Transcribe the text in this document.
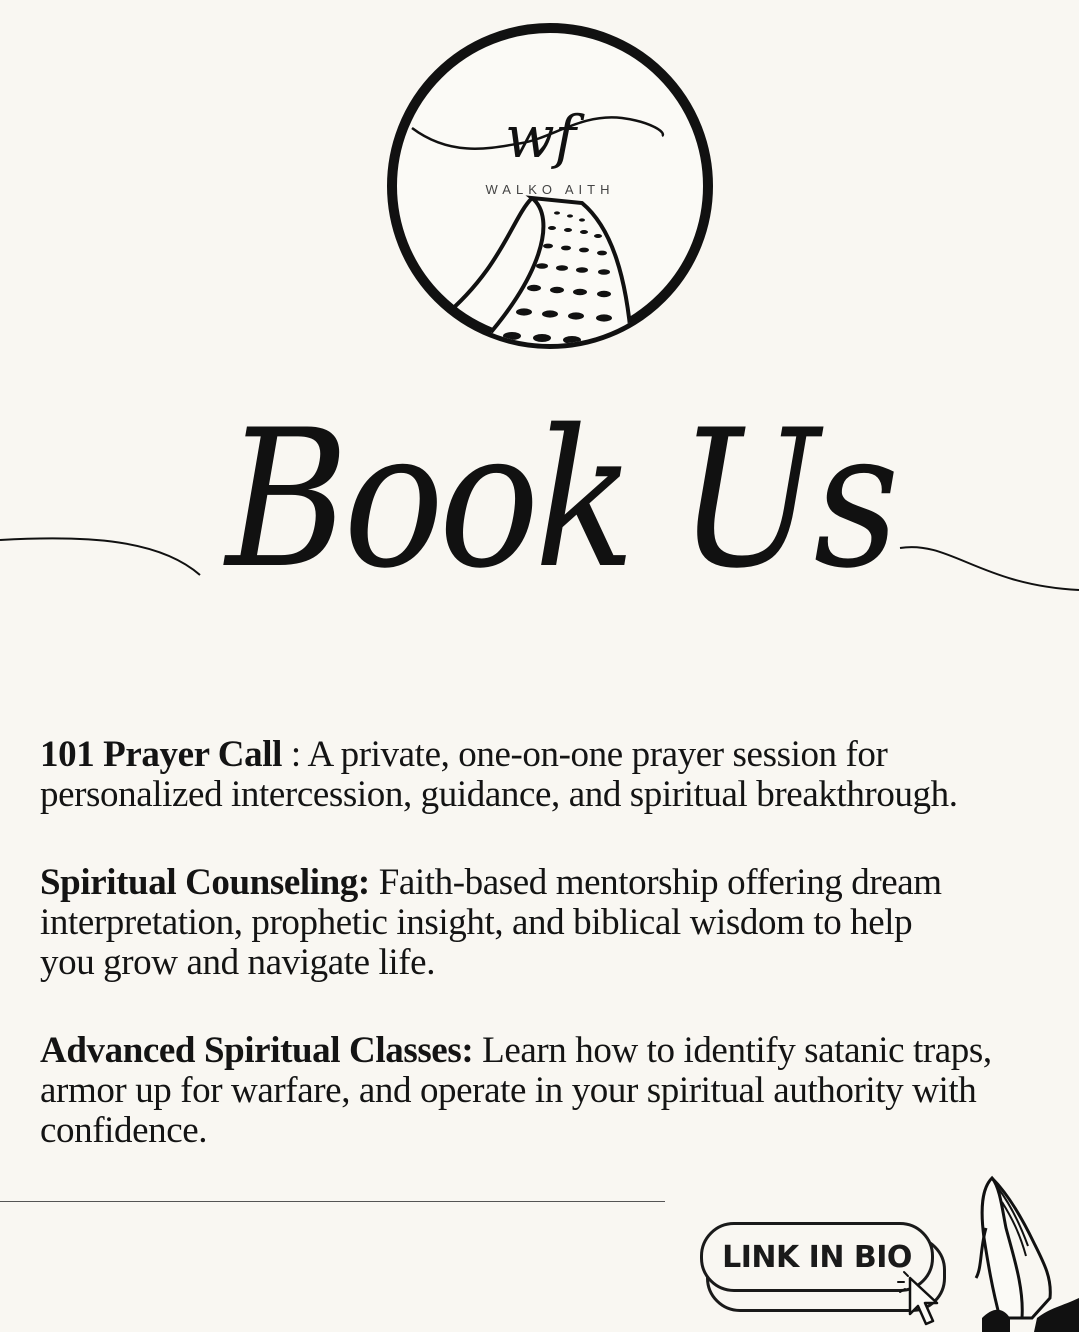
WALKO AITH
wf
Book Us

101 Prayer Call : A private, one-on-one prayer session for personalized intercession, guidance, and spiritual breakthrough.

Spiritual Counseling: Faith-based mentorship offering dream interpretation, prophetic insight, and biblical wisdom to help you grow and navigate life.

Advanced Spiritual Classes: Learn how to identify satanic traps, armor up for warfare, and operate in your spiritual authority with confidence.

LINK IN BIO
